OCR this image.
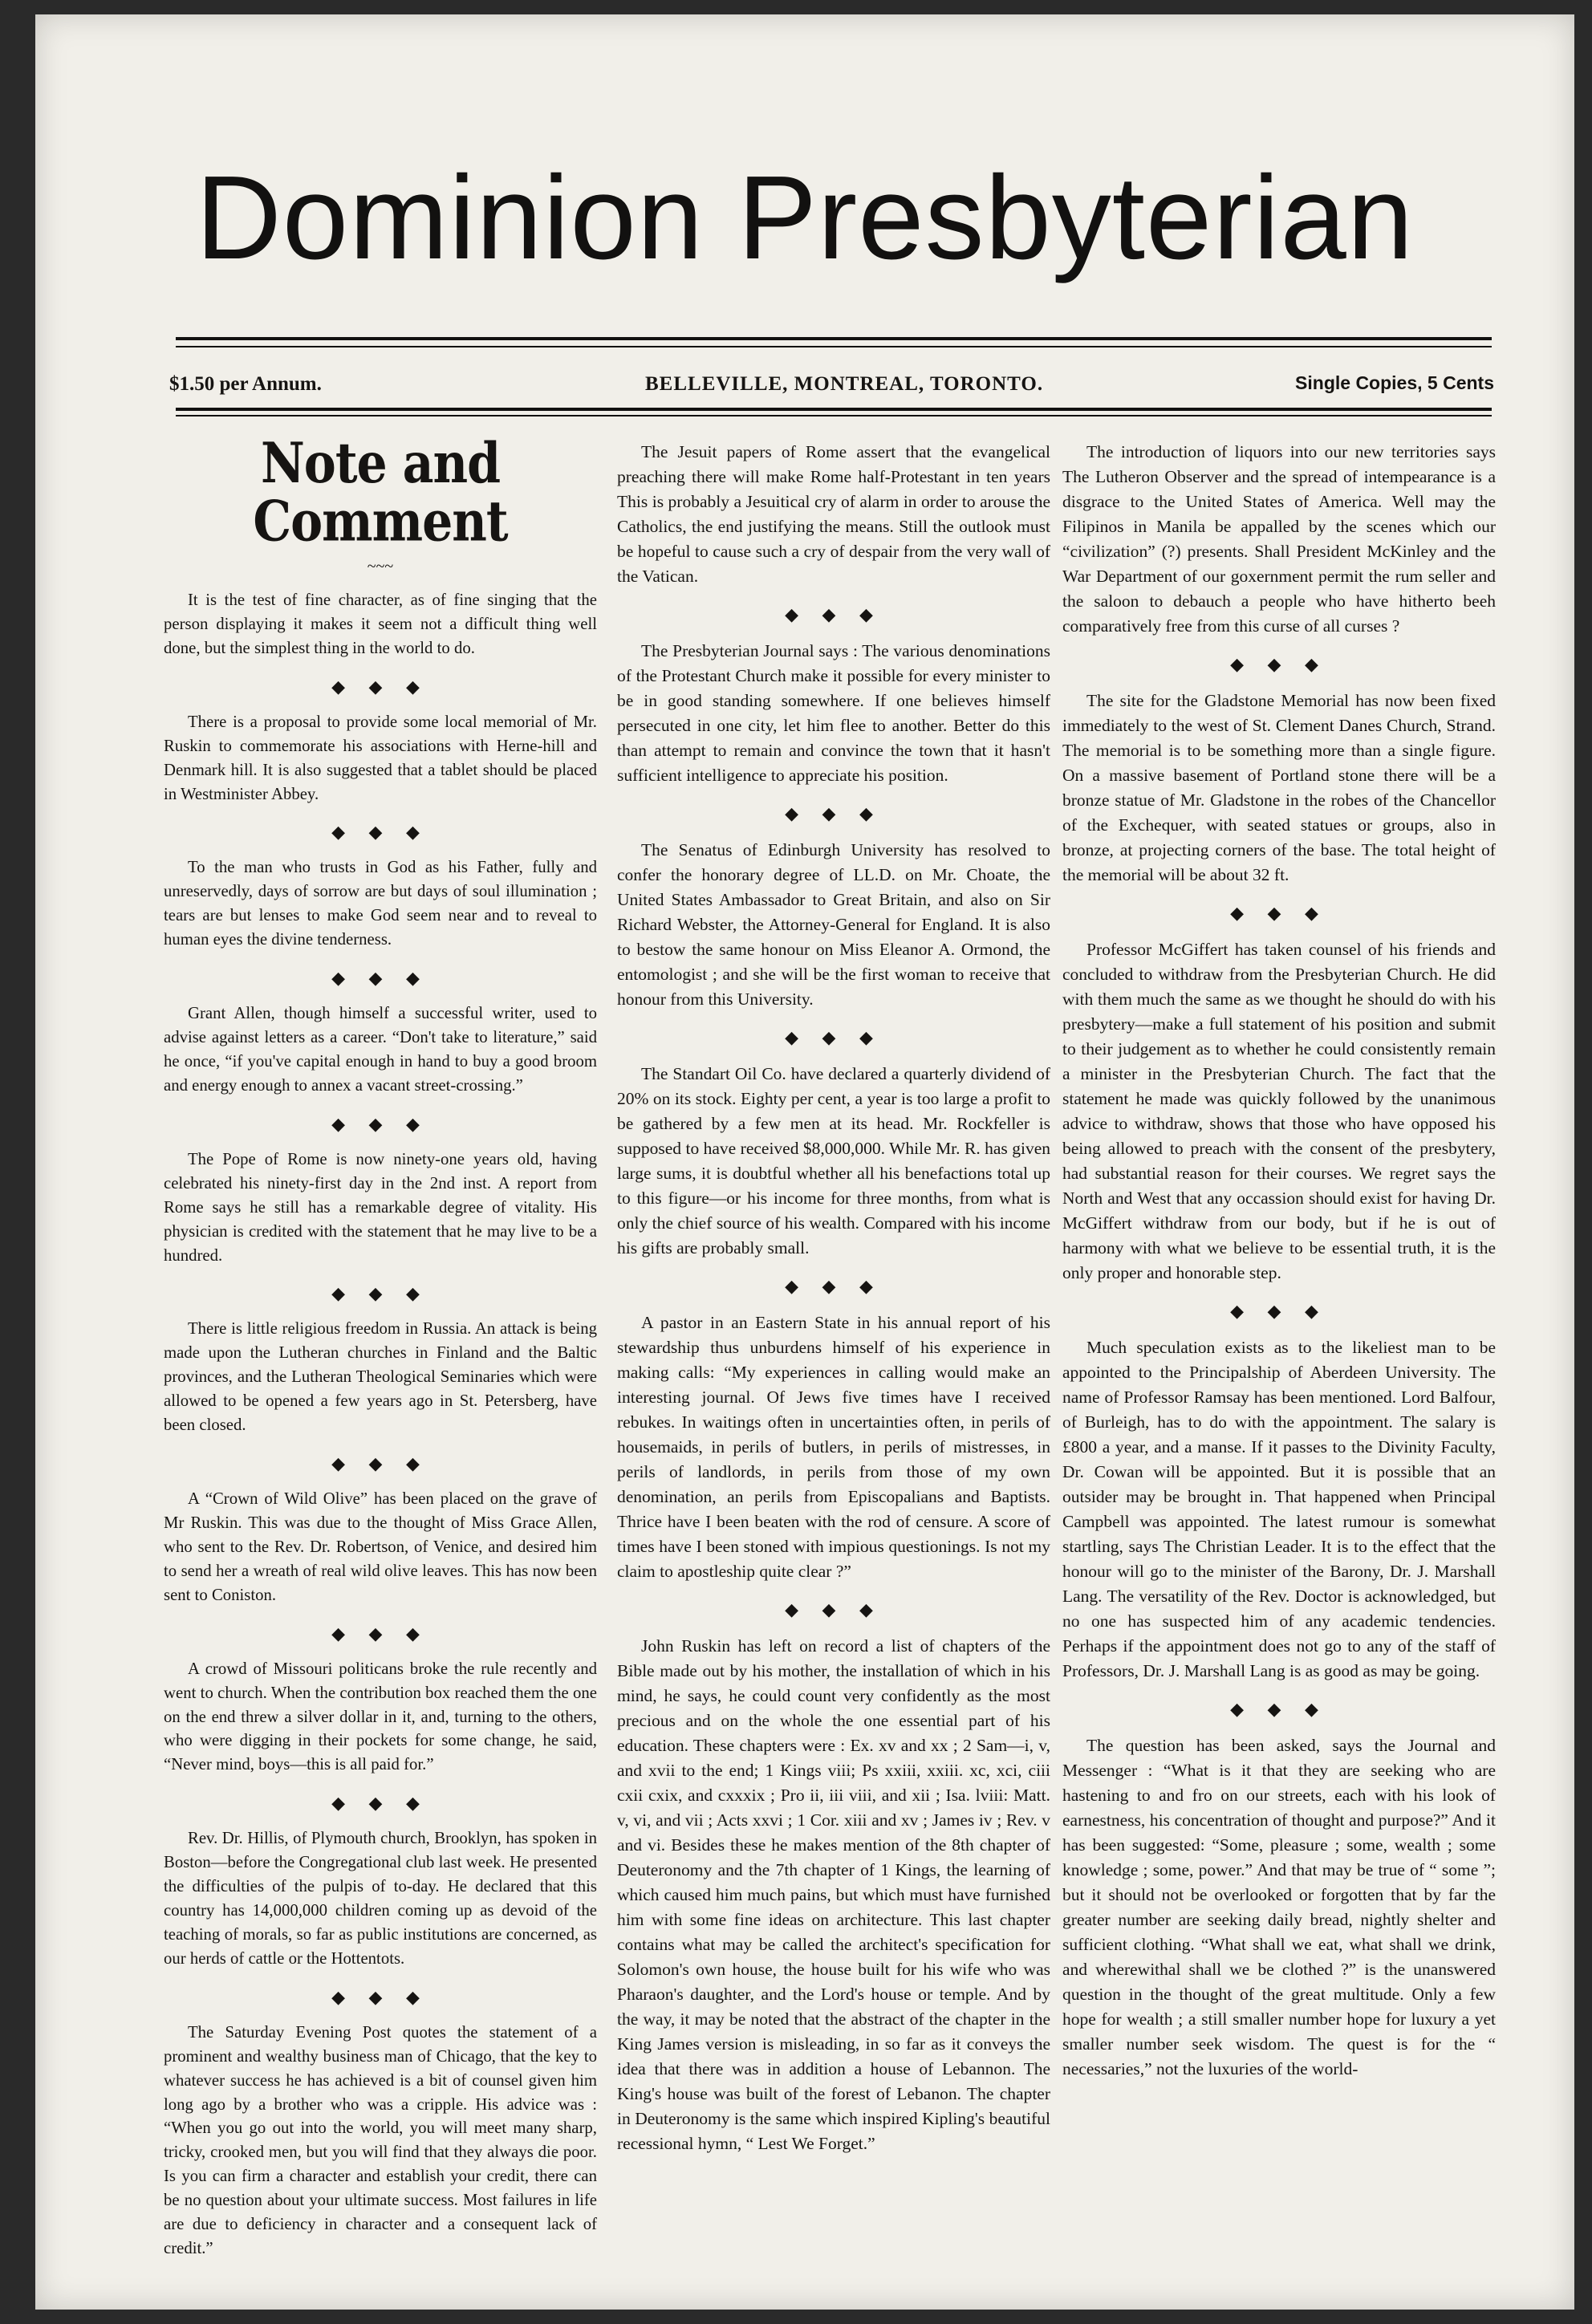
Dominion Presbyterian
$1.50 per Annum.	BELLEVILLE, MONTREAL, TORONTO.	Single Copies, 5 Cents
Note and Comment
~~~

It is the test of fine character, as of fine singing that the person displaying it makes it seem not a difficult thing well done, but the simplest thing in the world to do.

◆ ◆ ◆

There is a proposal to provide some local memorial of Mr. Ruskin to commemorate his associations with Herne-hill and Denmark hill. It is also suggested that a tablet should be placed in Westminister Abbey.

◆ ◆ ◆

To the man who trusts in God as his Father, fully and unreservedly, days of sorrow are but days of soul illumination ; tears are but lenses to make God seem near and to reveal to human eyes the divine tenderness.

◆ ◆ ◆

Grant Allen, though himself a successful writer, used to advise against letters as a career. “Don't take to literature,” said he once, “if you've capital enough in hand to buy a good broom and energy enough to annex a vacant street-crossing.”

◆ ◆ ◆

The Pope of Rome is now ninety-one years old, having celebrated his ninety-first day in the 2nd inst. A report from Rome says he still has a remarkable degree of vitality. His physician is credited with the statement that he may live to be a hundred.

◆ ◆ ◆

There is little religious freedom in Russia. An attack is being made upon the Lutheran churches in Finland and the Baltic provinces, and the Lutheran Theological Seminaries which were allowed to be opened a few years ago in St. Petersberg, have been closed.

◆ ◆ ◆

A “Crown of Wild Olive” has been placed on the grave of Mr Ruskin. This was due to the thought of Miss Grace Allen, who sent to the Rev. Dr. Robertson, of Venice, and desired him to send her a wreath of real wild olive leaves. This has now been sent to Coniston.

◆ ◆ ◆

A crowd of Missouri politicans broke the rule recently and went to church. When the contribution box reached them the one on the end threw a silver dollar in it, and, turning to the others, who were digging in their pockets for some change, he said, “Never mind, boys—this is all paid for.”

◆ ◆ ◆

Rev. Dr. Hillis, of Plymouth church, Brooklyn, has spoken in Boston—before the Congregational club last week. He presented the difficulties of the pulpis of to-day. He declared that this country has 14,000,000 children coming up as devoid of the teaching of morals, so far as public institutions are concerned, as our herds of cattle or the Hottentots.

◆ ◆ ◆

The Saturday Evening Post quotes the statement of a prominent and wealthy business man of Chicago, that the key to whatever success he has achieved is a bit of counsel given him long ago by a brother who was a cripple. His advice was : “When you go out into the world, you will meet many sharp, tricky, crooked men, but you will find that they always die poor. Is you can firm a character and establish your credit, there can be no question about your ultimate success. Most failures in life are due to deficiency in character and a consequent lack of credit.”

The Jesuit papers of Rome assert that the evangelical preaching there will make Rome half-Protestant in ten years This is probably a Jesuitical cry of alarm in order to arouse the Catholics, the end justifying the means. Still the outlook must be hopeful to cause such a cry of despair from the very wall of the Vatican.

◆ ◆ ◆

The Presbyterian Journal says : The various denominations of the Protestant Church make it possible for every minister to be in good standing somewhere. If one believes himself persecuted in one city, let him flee to another. Better do this than attempt to remain and convince the town that it hasn't sufficient intelligence to appreciate his position.

◆ ◆ ◆

The Senatus of Edinburgh University has resolved to confer the honorary degree of LL.D. on Mr. Choate, the United States Ambassador to Great Britain, and also on Sir Richard Webster, the Attorney-General for England. It is also to bestow the same honour on Miss Eleanor A. Ormond, the entomologist ; and she will be the first woman to receive that honour from this University.

◆ ◆ ◆

The Standart Oil Co. have declared a quarterly dividend of 20% on its stock. Eighty per cent, a year is too large a profit to be gathered by a few men at its head. Mr. Rockfeller is supposed to have received $8,000,000. While Mr. R. has given large sums, it is doubtful whether all his benefactions total up to this figure—or his income for three months, from what is only the chief source of his wealth. Compared with his income his gifts are probably small.

◆ ◆ ◆

A pastor in an Eastern State in his annual report of his stewardship thus unburdens himself of his experience in making calls: “My experiences in calling would make an interesting journal. Of Jews five times have I received rebukes. In waitings often in uncertainties often, in perils of housemaids, in perils of butlers, in perils of mistresses, in perils of landlords, in perils from those of my own denomination, an perils from Episcopalians and Baptists. Thrice have I been beaten with the rod of censure. A score of times have I been stoned with impious questionings. Is not my claim to apostleship quite clear ?”

◆ ◆ ◆

John Ruskin has left on record a list of chapters of the Bible made out by his mother, the installation of which in his mind, he says, he could count very confidently as the most precious and on the whole the one essential part of his education. These chapters were : Ex. xv and xx ; 2 Sam—i, v, and xvii to the end; 1 Kings viii; Ps xxiii, xxiii. xc, xci, ciii cxii cxix, and cxxxix ; Pro ii, iii viii, and xii ; Isa. lviii: Matt. v, vi, and vii ; Acts xxvi ; 1 Cor. xiii and xv ; James iv ; Rev. v and vi. Besides these he makes mention of the 8th chapter of Deuteronomy and the 7th chapter of 1 Kings, the learning of which caused him much pains, but which must have furnished him with some fine ideas on architecture. This last chapter contains what may be called the architect's specification for Solomon's own house, the house built for his wife who was Pharaon's daughter, and the Lord's house or temple. And by the way, it may be noted that the abstract of the chapter in the King James version is misleading, in so far as it conveys the idea that there was in addition a house of Lebannon. The King's house was built of the forest of Lebanon. The chapter in Deuteronomy is the same which inspired Kipling's beautiful recessional hymn, “ Lest We Forget.”

The introduction of liquors into our new territories says The Lutheron Observer and the spread of intempearance is a disgrace to the United States of America. Well may the Filipinos in Manila be appalled by the scenes which our “civilization” (?) presents. Shall President McKinley and the War Department of our goxernment permit the rum seller and the saloon to debauch a people who have hitherto beeh comparatively free from this curse of all curses ?

◆ ◆ ◆

The site for the Gladstone Memorial has now been fixed immediately to the west of St. Clement Danes Church, Strand. The memorial is to be something more than a single figure. On a massive basement of Portland stone there will be a bronze statue of Mr. Gladstone in the robes of the Chancellor of the Exchequer, with seated statues or groups, also in bronze, at projecting corners of the base. The total height of the memorial will be about 32 ft.

◆ ◆ ◆

Professor McGiffert has taken counsel of his friends and concluded to withdraw from the Presbyterian Church. He did with them much the same as we thought he should do with his presbytery—make a full statement of his position and submit to their judgement as to whether he could consistently remain a minister in the Presbyterian Church. The fact that the statement he made was quickly followed by the unanimous advice to withdraw, shows that those who have opposed his being allowed to preach with the consent of the presbytery, had substantial reason for their courses. We regret says the North and West that any occassion should exist for having Dr. McGiffert withdraw from our body, but if he is out of harmony with what we believe to be essential truth, it is the only proper and honorable step.

◆ ◆ ◆

Much speculation exists as to the likeliest man to be appointed to the Principalship of Aberdeen University. The name of Professor Ramsay has been mentioned. Lord Balfour, of Burleigh, has to do with the appointment. The salary is £800 a year, and a manse. If it passes to the Divinity Faculty, Dr. Cowan will be appointed. But it is possible that an outsider may be brought in. That happened when Principal Campbell was appointed. The latest rumour is somewhat startling, says The Christian Leader. It is to the effect that the honour will go to the minister of the Barony, Dr. J. Marshall Lang. The versatility of the Rev. Doctor is acknowledged, but no one has suspected him of any academic tendencies. Perhaps if the appointment does not go to any of the staff of Professors, Dr. J. Marshall Lang is as good as may be going.

◆ ◆ ◆

The question has been asked, says the Journal and Messenger : “What is it that they are seeking who are hastening to and fro on our streets, each with his look of earnestness, his concentration of thought and purpose?” And it has been suggested: “Some, pleasure ; some, wealth ; some knowledge ; some, power.” And that may be true of “ some ”; but it should not be overlooked or forgotten that by far the greater number are seeking daily bread, nightly shelter and sufficient clothing. “What shall we eat, what shall we drink, and wherewithal shall we be clothed ?” is the unanswered question in the thought of the great multitude. Only a few hope for wealth ; a still smaller number hope for luxury a yet smaller number seek wisdom. The quest is for the “ necessaries,” not the luxuries of the world-
